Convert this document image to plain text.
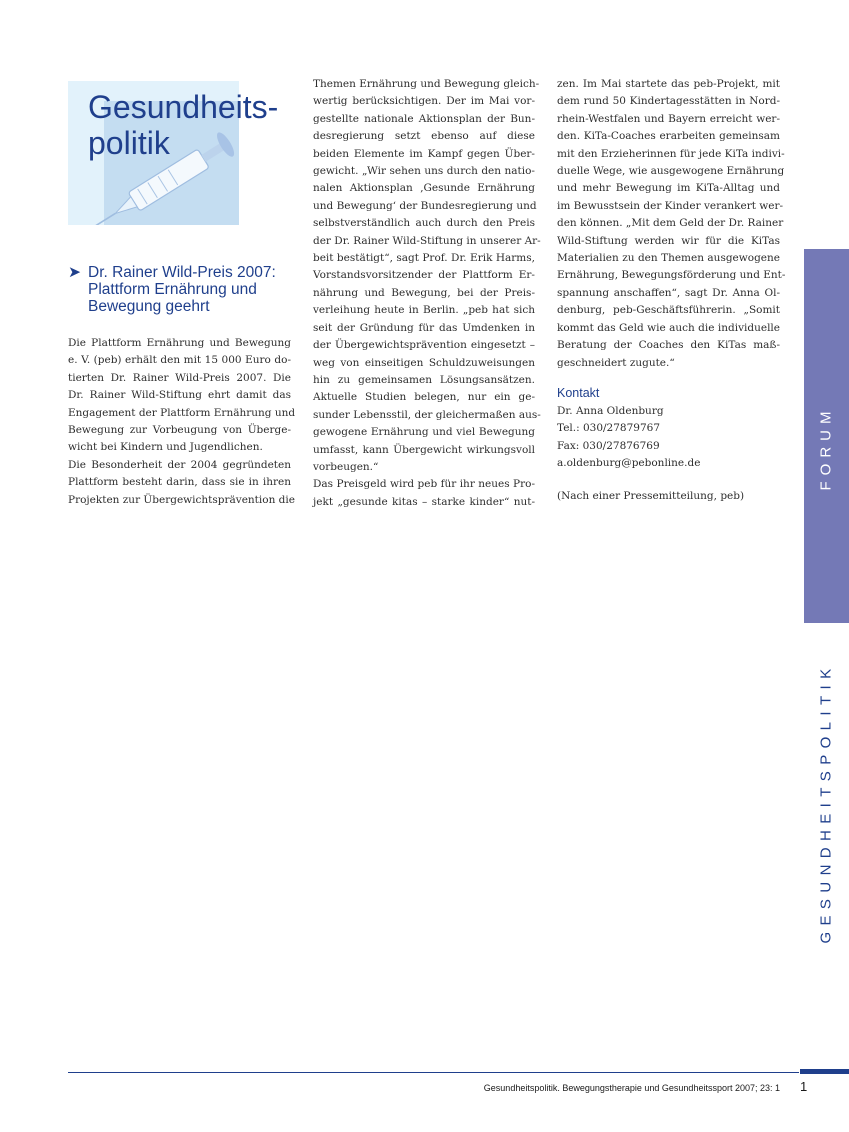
Gesundheits-
politik
➤ Dr. Rainer Wild-Preis 2007:
Plattform Ernährung und
Bewegung geehrt
Die Plattform Ernährung und Bewegung
e. V. (peb) erhält den mit 15 000 Euro do-
tierten Dr. Rainer Wild-Preis 2007. Die
Dr. Rainer Wild-Stiftung ehrt damit das
Engagement der Plattform Ernährung und
Bewegung zur Vorbeugung von Überge-
wicht bei Kindern und Jugendlichen.
Die Besonderheit der 2004 gegründeten
Plattform besteht darin, dass sie in ihren
Projekten zur Übergewichtsprävention die
Themen Ernährung und Bewegung gleich-
wertig berücksichtigen. Der im Mai vor-
gestellte nationale Aktionsplan der Bun-
desregierung setzt ebenso auf diese
beiden Elemente im Kampf gegen Über-
gewicht. „Wir sehen uns durch den natio-
nalen Aktionsplan ‚Gesunde Ernährung
und Bewegung‘ der Bundesregierung und
selbstverständlich auch durch den Preis
der Dr. Rainer Wild-Stiftung in unserer Ar-
beit bestätigt“, sagt Prof. Dr. Erik Harms,
Vorstandsvorsitzender der Plattform Er-
nährung und Bewegung, bei der Preis-
verleihung heute in Berlin. „peb hat sich
seit der Gründung für das Umdenken in
der Übergewichtsprävention eingesetzt –
weg von einseitigen Schuldzuweisungen
hin zu gemeinsamen Lösungsansätzen.
Aktuelle Studien belegen, nur ein ge-
sunder Lebensstil, der gleichermaßen aus-
gewogene Ernährung und viel Bewegung
umfasst, kann Übergewicht wirkungsvoll
vorbeugen.“
Das Preisgeld wird peb für ihr neues Pro-
jekt „gesunde kitas – starke kinder“ nut-
zen. Im Mai startete das peb-Projekt, mit
dem rund 50 Kindertagesstätten in Nord-
rhein-Westfalen und Bayern erreicht wer-
den. KiTa-Coaches erarbeiten gemeinsam
mit den Erzieherinnen für jede KiTa indivi-
duelle Wege, wie ausgewogene Ernährung
und mehr Bewegung im KiTa-Alltag und
im Bewusstsein der Kinder verankert wer-
den können. „Mit dem Geld der Dr. Rainer
Wild-Stiftung werden wir für die KiTas
Materialien zu den Themen ausgewogene
Ernährung, Bewegungsförderung und Ent-
spannung anschaffen“, sagt Dr. Anna Ol-
denburg, peb-Geschäftsführerin. „Somit
kommt das Geld wie auch die individuelle
Beratung der Coaches den KiTas maß-
geschneidert zugute.“
Kontakt
Dr. Anna Oldenburg
Tel.: 030/27879767
Fax: 030/27876769
a.oldenburg@pebonline.de
(Nach einer Pressemitteilung, peb)
FORUM
GESUNDHEITSPOLITIK
Gesundheitspolitik. Bewegungstherapie und Gesundheitssport 2007; 23: 1 1
